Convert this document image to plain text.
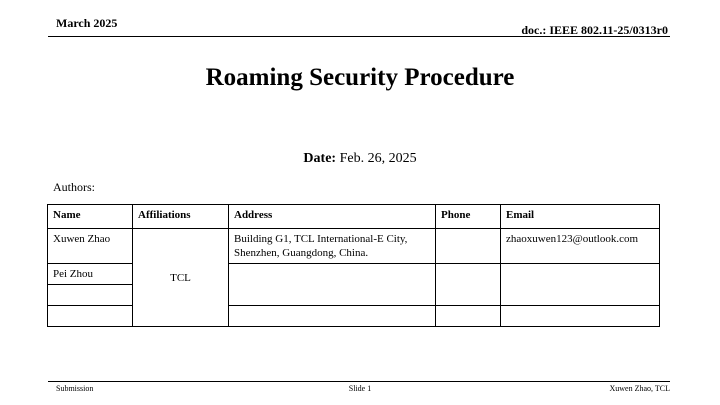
March 2025	doc.: IEEE 802.11-25/0313r0
Roaming Security Procedure
Date: Feb. 26, 2025
Authors:
Name	Affiliations	Address	Phone	Email
Xuwen Zhao	TCL	Building G1, TCL International-E City, Shenzhen, Guangdong, China.		zhaoxuwen123@outlook.com
Pei Zhou				

Submission	Slide 1	Xuwen Zhao, TCL
